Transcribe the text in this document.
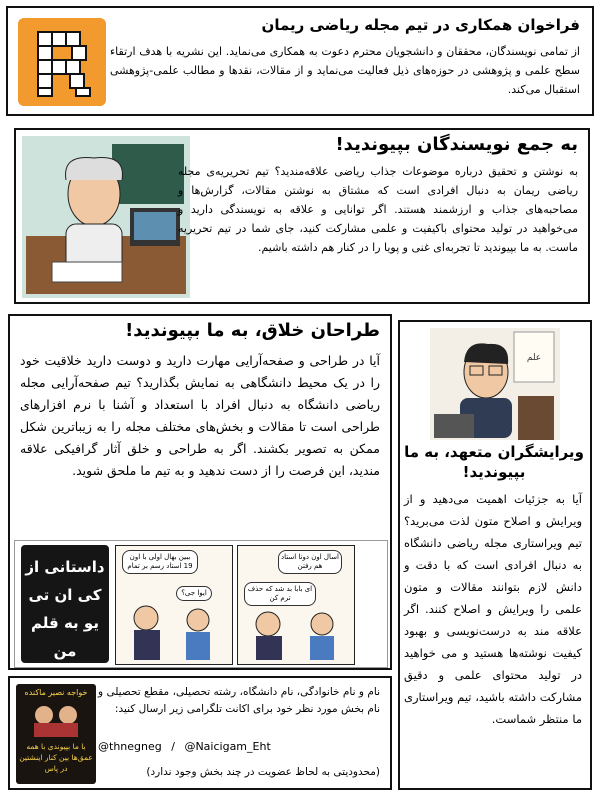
فراخوان همکاری در تیم مجله ریاضی ریمان
از تمامی نویسندگان، محققان و دانشجویان محترم دعوت به همکاری می‌نماید. این نشریه با هدف ارتقاء سطح علمی و پژوهشی در حوزه‌های ذیل فعالیت می‌نماید و از مقالات، نقدها و مطالب علمی-پژوهشی استقبال می‌کند.
به جمع نویسندگان بپیوندید!
به نوشتن و تحقیق درباره موضوعات جذاب ریاضی علاقه‌مندید؟ تیم تحریریه‌ی مجله ریاضی ریمان به دنبال افرادی است که مشتاق به نوشتن مقالات، گزارش‌ها و مصاحبه‌های جذاب و ارزشمند هستند. اگر توانایی و علاقه به نویسندگی دارید و می‌خواهید در تولید محتوای باکیفیت و علمی مشارکت کنید، جای شما در تیم تحریریه ماست. به ما بپیوندید تا تجربه‌ای غنی و پویا را در کنار هم داشته باشیم.
طراحان خلاق، به ما بپیوندید!
آیا در طراحی و صفحه‌آرایی مهارت دارید و دوست دارید خلاقیت خود را در یک محیط دانشگاهی به نمایش بگذارید؟ تیم صفحه‌آرایی مجله ریاضی دانشگاه به دنبال افراد با استعداد و آشنا با نرم افزارهای طراحی است تا مقالات و بخش‌های مختلف مجله را به زیباترین شکل ممکن به تصویر بکشند. اگر به طراحی و خلق آثار گرافیکی علاقه مندید، این فرصت را از دست ندهید و به تیم ما ملحق شوید.
ببین بهال اولی با اون 19 استاد رسم بر تمام
ایوا جی؟
اسال اون دوتا استاد هم رفتن
ای بابا بد شد که حذف ترم کن
داستانی از کی ان تی یو به قلم من
علم
ویرایشگران متعهد، به ما بپیوندید!
آیا به جزئیات اهمیت می‌دهید و از ویرایش و اصلاح متون لذت می‌برید؟ تیم ویراستاری مجله ریاضی دانشگاه به دنبال افرادی است که با دقت و دانش لازم بتوانند مقالات و متون علمی را ویرایش و اصلاح کنند. اگر علاقه مند به درست‌نویسی و بهبود کیفیت نوشته‌ها هستید و می خواهید در تولید محتوای علمی و دقیق مشارکت داشته باشید، تیم ویراستاری ما منتظر شماست.
خواجه نصیر ماکنده
با ما بپیوندی با همه عمق‌ها بین کنار اینشتین در پاس
نام و نام خانوادگی، نام دانشگاه، رشته تحصیلی، مقطع تحصیلی و نام بخش مورد نظر خود برای اکانت تلگرامی زیر ارسال کنید:
@thnegneg / @Naicigam_Eht
(محدودیتی به لحاظ عضویت در چند بخش وجود ندارد)
